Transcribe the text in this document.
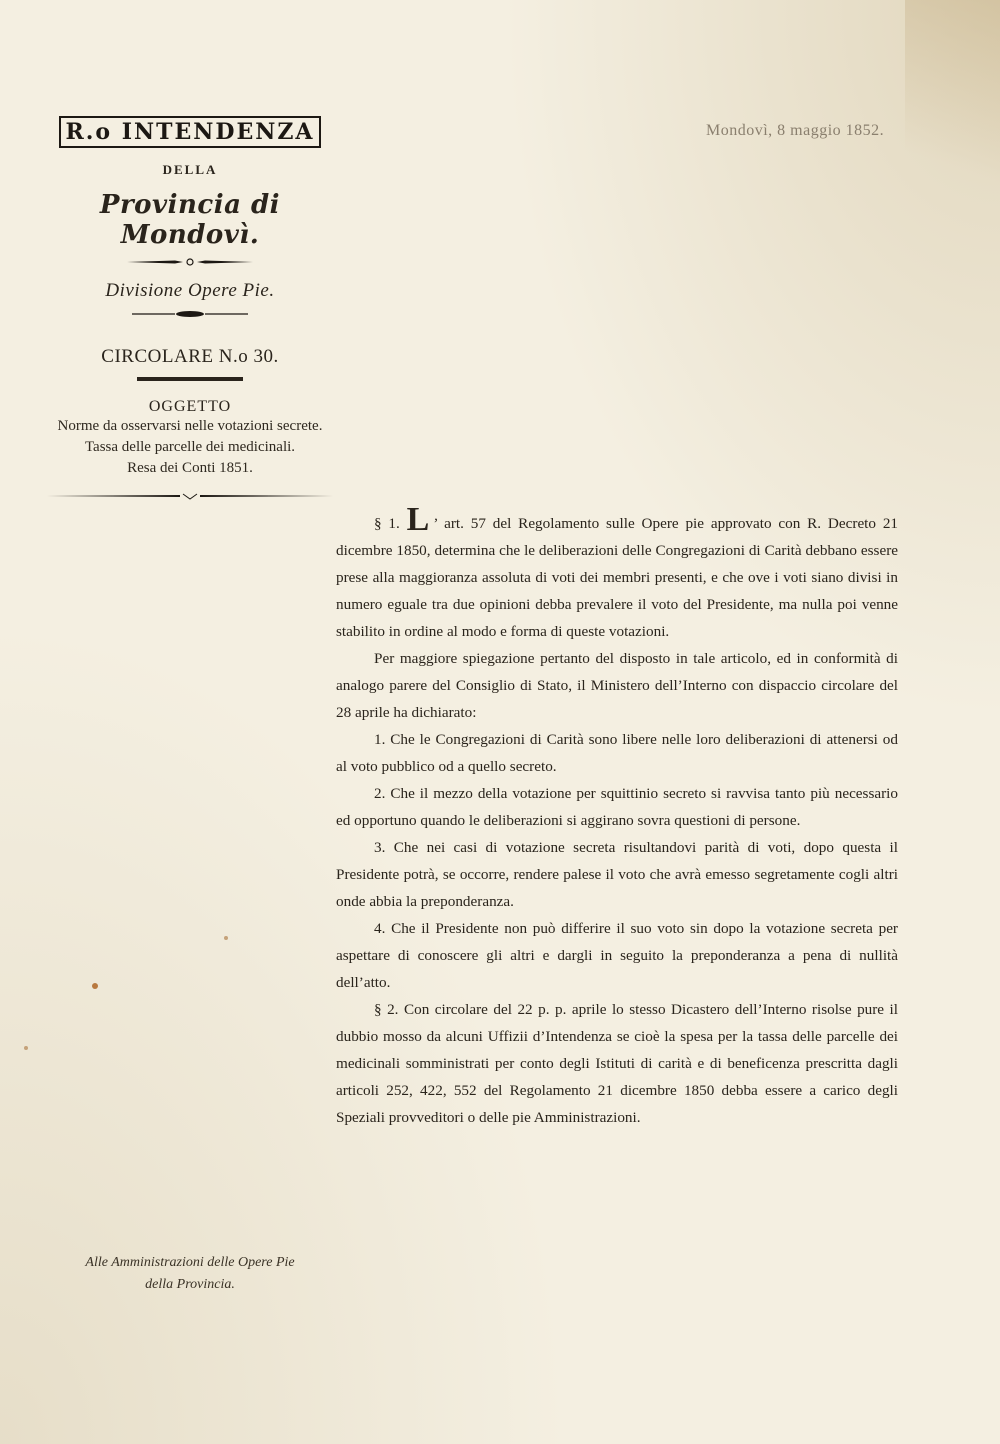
R.o INTENDENZA
DELLA
Provincia di Mondovì.
Divisione Opere Pie.
CIRCOLARE N.o 30.
OGGETTO
Norme da osservarsi nelle votazioni secrete.
Tassa delle parcelle dei medicinali.
Resa dei Conti 1851.
Mondovì, 8 maggio 1852.

§ 1. L ’ art. 57 del Regolamento sulle Opere pie approvato con R. Decreto 21 dicembre 1850, determina che le deliberazioni delle Congregazioni di Carità debbano essere prese alla maggioranza assoluta di voti dei membri presenti, e che ove i voti siano divisi in numero eguale tra due opinioni debba prevalere il voto del Presidente, ma nulla poi venne stabilito in ordine al modo e forma di queste votazioni.

Per maggiore spiegazione pertanto del disposto in tale articolo, ed in conformità di analogo parere del Consiglio di Stato, il Ministero dell’Interno con dispaccio circolare del 28 aprile ha dichiarato:

1. Che le Congregazioni di Carità sono libere nelle loro deliberazioni di attenersi od al voto pubblico od a quello secreto.

2. Che il mezzo della votazione per squittinio secreto si ravvisa tanto più necessario ed opportuno quando le deliberazioni si aggirano sovra questioni di persone.

3. Che nei casi di votazione secreta risultandovi parità di voti, dopo questa il Presidente potrà, se occorre, rendere palese il voto che avrà emesso segretamente cogli altri onde abbia la preponderanza.

4. Che il Presidente non può differire il suo voto sin dopo la votazione secreta per aspettare di conoscere gli altri e dargli in seguito la preponderanza a pena di nullità dell’atto.

§ 2. Con circolare del 22 p. p. aprile lo stesso Dicastero dell’Interno risolse pure il dubbio mosso da alcuni Uffizii d’Intendenza se cioè la spesa per la tassa delle parcelle dei medicinali somministrati per conto degli Istituti di carità e di beneficenza prescritta dagli articoli 252, 422, 552 del Regolamento 21 dicembre 1850 debba essere a carico degli Speziali provveditori o delle pie Amministrazioni.

Alle Amministrazioni delle Opere Pie
della Provincia.
